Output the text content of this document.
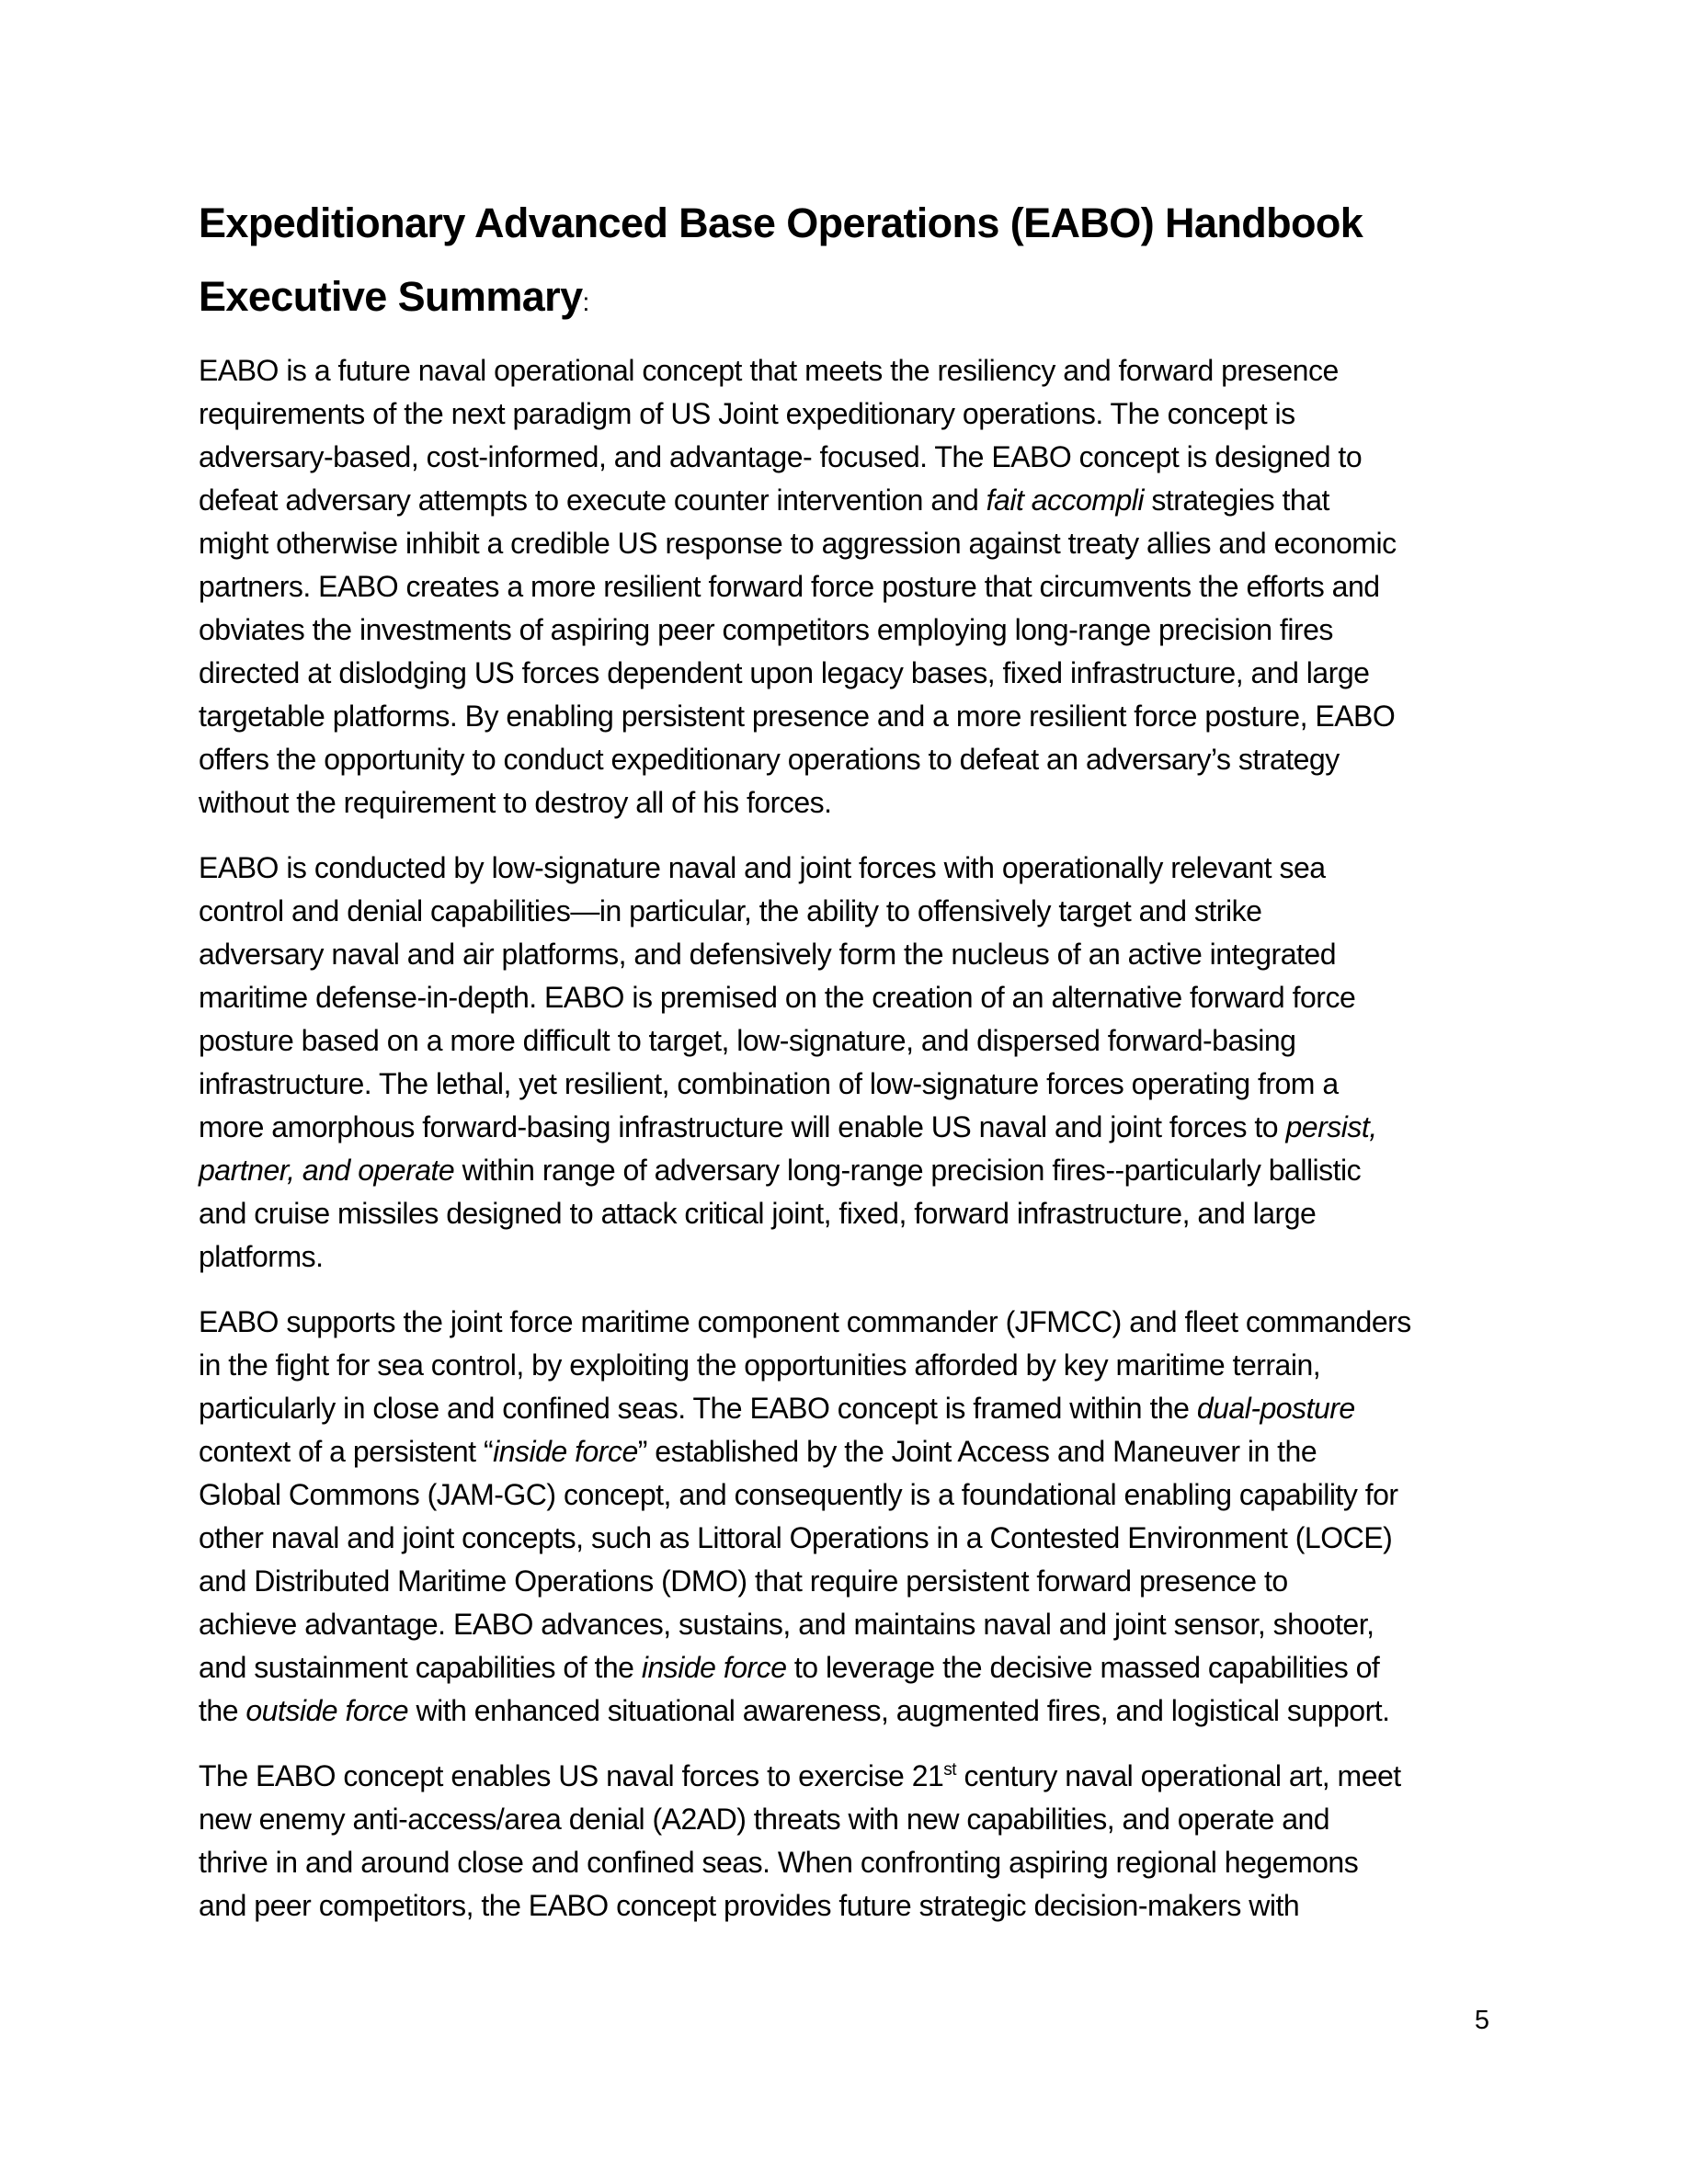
Expeditionary Advanced Base Operations (EABO) Handbook
Executive Summary:

EABO is a future naval operational concept that meets the resiliency and forward presence
requirements of the next paradigm of US Joint expeditionary operations. The concept is
adversary-based, cost-informed, and advantage- focused. The EABO concept is designed to
defeat adversary attempts to execute counter intervention and fait accompli strategies that
might otherwise inhibit a credible US response to aggression against treaty allies and economic
partners. EABO creates a more resilient forward force posture that circumvents the efforts and
obviates the investments of aspiring peer competitors employing long-range precision fires
directed at dislodging US forces dependent upon legacy bases, fixed infrastructure, and large
targetable platforms. By enabling persistent presence and a more resilient force posture, EABO
offers the opportunity to conduct expeditionary operations to defeat an adversary’s strategy
without the requirement to destroy all of his forces.

EABO is conducted by low-signature naval and joint forces with operationally relevant sea
control and denial capabilities—in particular, the ability to offensively target and strike
adversary naval and air platforms, and defensively form the nucleus of an active integrated
maritime defense-in-depth. EABO is premised on the creation of an alternative forward force
posture based on a more difficult to target, low-signature, and dispersed forward-basing
infrastructure. The lethal, yet resilient, combination of low-signature forces operating from a
more amorphous forward-basing infrastructure will enable US naval and joint forces to persist,
partner, and operate within range of adversary long-range precision fires--particularly ballistic
and cruise missiles designed to attack critical joint, fixed, forward infrastructure, and large
platforms.

EABO supports the joint force maritime component commander (JFMCC) and fleet commanders
in the fight for sea control, by exploiting the opportunities afforded by key maritime terrain,
particularly in close and confined seas. The EABO concept is framed within the dual-posture
context of a persistent “inside force” established by the Joint Access and Maneuver in the
Global Commons (JAM-GC) concept, and consequently is a foundational enabling capability for
other naval and joint concepts, such as Littoral Operations in a Contested Environment (LOCE)
and Distributed Maritime Operations (DMO) that require persistent forward presence to
achieve advantage. EABO advances, sustains, and maintains naval and joint sensor, shooter,
and sustainment capabilities of the inside force to leverage the decisive massed capabilities of
the outside force with enhanced situational awareness, augmented fires, and logistical support.

The EABO concept enables US naval forces to exercise 21st century naval operational art, meet
new enemy anti-access/area denial (A2AD) threats with new capabilities, and operate and
thrive in and around close and confined seas. When confronting aspiring regional hegemons
and peer competitors, the EABO concept provides future strategic decision-makers with

5
